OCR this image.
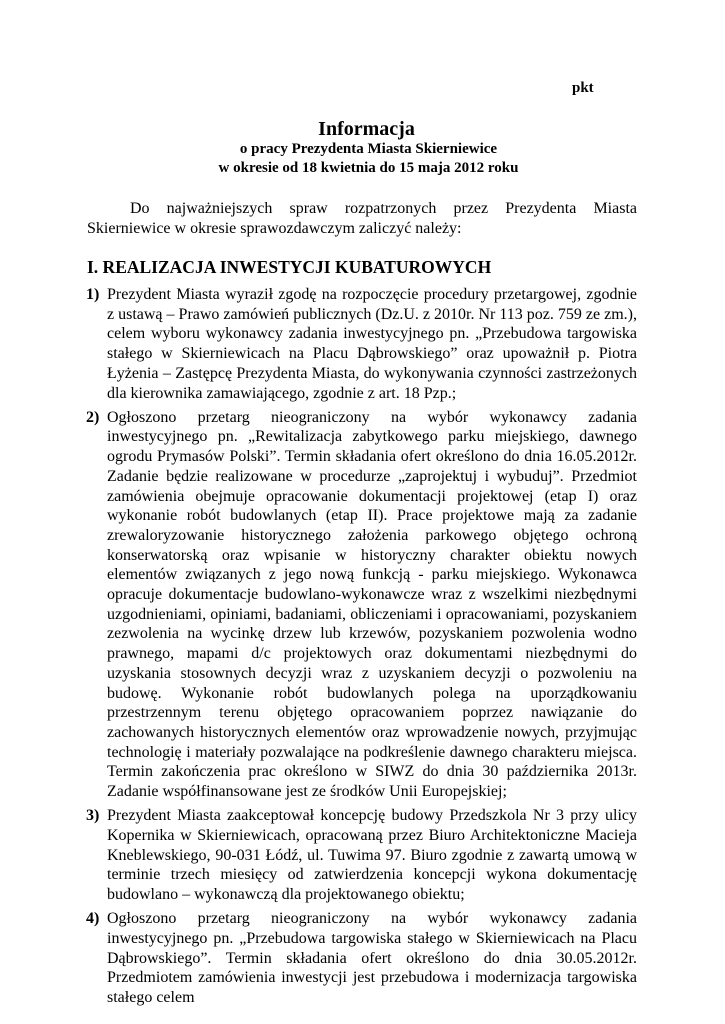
pkt
Informacja
o pracy Prezydenta Miasta Skierniewice
w okresie od 18 kwietnia do 15 maja 2012 roku

Do najważniejszych spraw rozpatrzonych przez Prezydenta Miasta Skierniewice w okresie sprawozdawczym zaliczyć należy:

I. REALIZACJA INWESTYCJI KUBATUROWYCH
1) Prezydent Miasta wyraził zgodę na rozpoczęcie procedury przetargowej, zgodnie z ustawą – Prawo zamówień publicznych (Dz.U. z 2010r. Nr 113 poz. 759 ze zm.), celem wyboru wykonawcy zadania inwestycyjnego pn. „Przebudowa targowiska stałego w Skierniewicach na Placu Dąbrowskiego” oraz upoważnił p. Piotra Łyżenia – Zastępcę Prezydenta Miasta, do wykonywania czynności zastrzeżonych dla kierownika zamawiającego, zgodnie z art. 18 Pzp.;
2) Ogłoszono przetarg nieograniczony na wybór wykonawcy zadania inwestycyjnego pn. „Rewitalizacja zabytkowego parku miejskiego, dawnego ogrodu Prymasów Polski”. Termin składania ofert określono do dnia 16.05.2012r. Zadanie będzie realizowane w procedurze „zaprojektuj i wybuduj”. Przedmiot zamówienia obejmuje opracowanie dokumentacji projektowej (etap I) oraz wykonanie robót budowlanych (etap II). Prace projektowe mają za zadanie zrewaloryzowanie historycznego założenia parkowego objętego ochroną konserwatorską oraz wpisanie w historyczny charakter obiektu nowych elementów związanych z jego nową funkcją - parku miejskiego. Wykonawca opracuje dokumentacje budowlano-wykonawcze wraz z wszelkimi niezbędnymi uzgodnieniami, opiniami, badaniami, obliczeniami i opracowaniami, pozyskaniem zezwolenia na wycinkę drzew lub krzewów, pozyskaniem pozwolenia wodno prawnego, mapami d/c projektowych oraz dokumentami niezbędnymi do uzyskania stosownych decyzji wraz z uzyskaniem decyzji o pozwoleniu na budowę. Wykonanie robót budowlanych polega na uporządkowaniu przestrzennym terenu objętego opracowaniem poprzez nawiązanie do zachowanych historycznych elementów oraz wprowadzenie nowych, przyjmując technologię i materiały pozwalające na podkreślenie dawnego charakteru miejsca. Termin zakończenia prac określono w SIWZ do dnia 30 października 2013r. Zadanie współfinansowane jest ze środków Unii Europejskiej;
3) Prezydent Miasta zaakceptował koncepcję budowy Przedszkola Nr 3 przy ulicy Kopernika w Skierniewicach, opracowaną przez Biuro Architektoniczne Macieja Kneblewskiego, 90-031 Łódź, ul. Tuwima 97. Biuro zgodnie z zawartą umową w terminie trzech miesięcy od zatwierdzenia koncepcji wykona dokumentację budowlano – wykonawczą dla projektowanego obiektu;
4) Ogłoszono przetarg nieograniczony na wybór wykonawcy zadania inwestycyjnego pn. „Przebudowa targowiska stałego w Skierniewicach na Placu Dąbrowskiego”. Termin składania ofert określono do dnia 30.05.2012r. Przedmiotem zamówienia inwestycji jest przebudowa i modernizacja targowiska stałego celem
